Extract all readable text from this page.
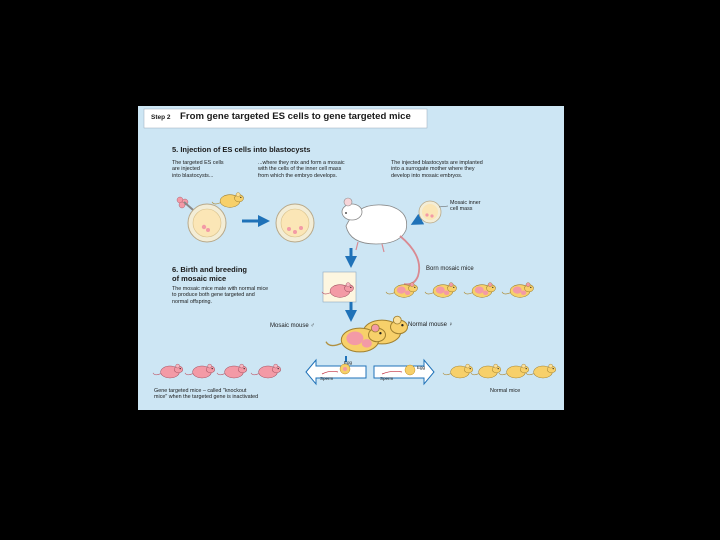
Step 2 From gene targeted ES cells to gene targeted mice
5. Injection of ES cells into blastocysts
The targeted ES cells
are injected
into blastocysts...
...where they mix and form a mosaic
with the cells of the inner cell mass
from which the embryo develops.
The injected blastocysts are implanted
into a surrogate mother where they
develop into mosaic embryos.
Mosaic inner
cell mass
6. Birth and breeding
of mosaic mice
The mosaic mice mate with normal mice
to produce both gene targeted and
normal offspring.
Born mosaic mice
Mosaic mouse ♂	Normal mouse ♀
Egg
Sperm
Egg
Sperm
Gene targeted mice – called "knockout
mice" when the targeted gene is inactivated
Normal mice
